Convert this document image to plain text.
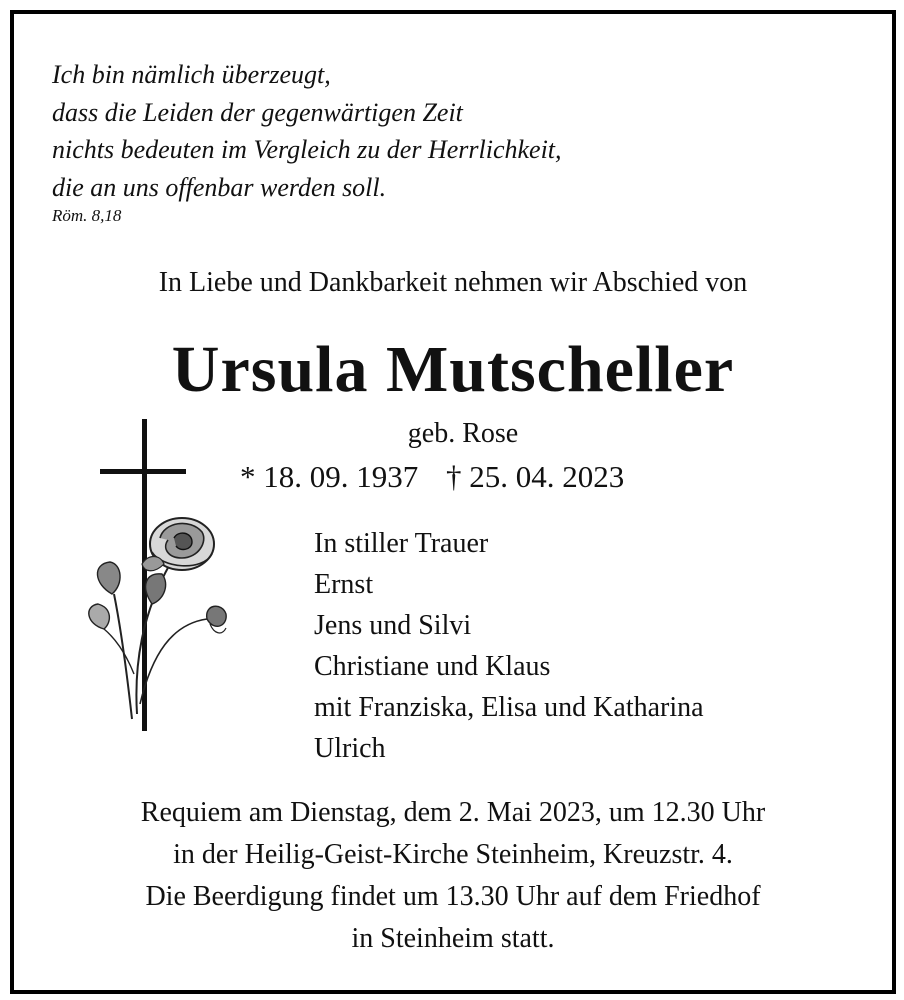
Ich bin nämlich überzeugt,
dass die Leiden der gegenwärtigen Zeit
nichts bedeuten im Vergleich zu der Herrlichkeit,
die an uns offenbar werden soll.
Röm. 8,18
In Liebe und Dankbarkeit nehmen wir Abschied von
Ursula Mutscheller
geb. Rose
* 18. 09. 1937 † 25. 04. 2023
In stiller Trauer
Ernst
Jens und Silvi
Christiane und Klaus
mit Franziska, Elisa und Katharina
Ulrich
Requiem am Dienstag, dem 2. Mai 2023, um 12.30 Uhr
in der Heilig-Geist-Kirche Steinheim, Kreuzstr. 4.
Die Beerdigung findet um 13.30 Uhr auf dem Friedhof
in Steinheim statt.
